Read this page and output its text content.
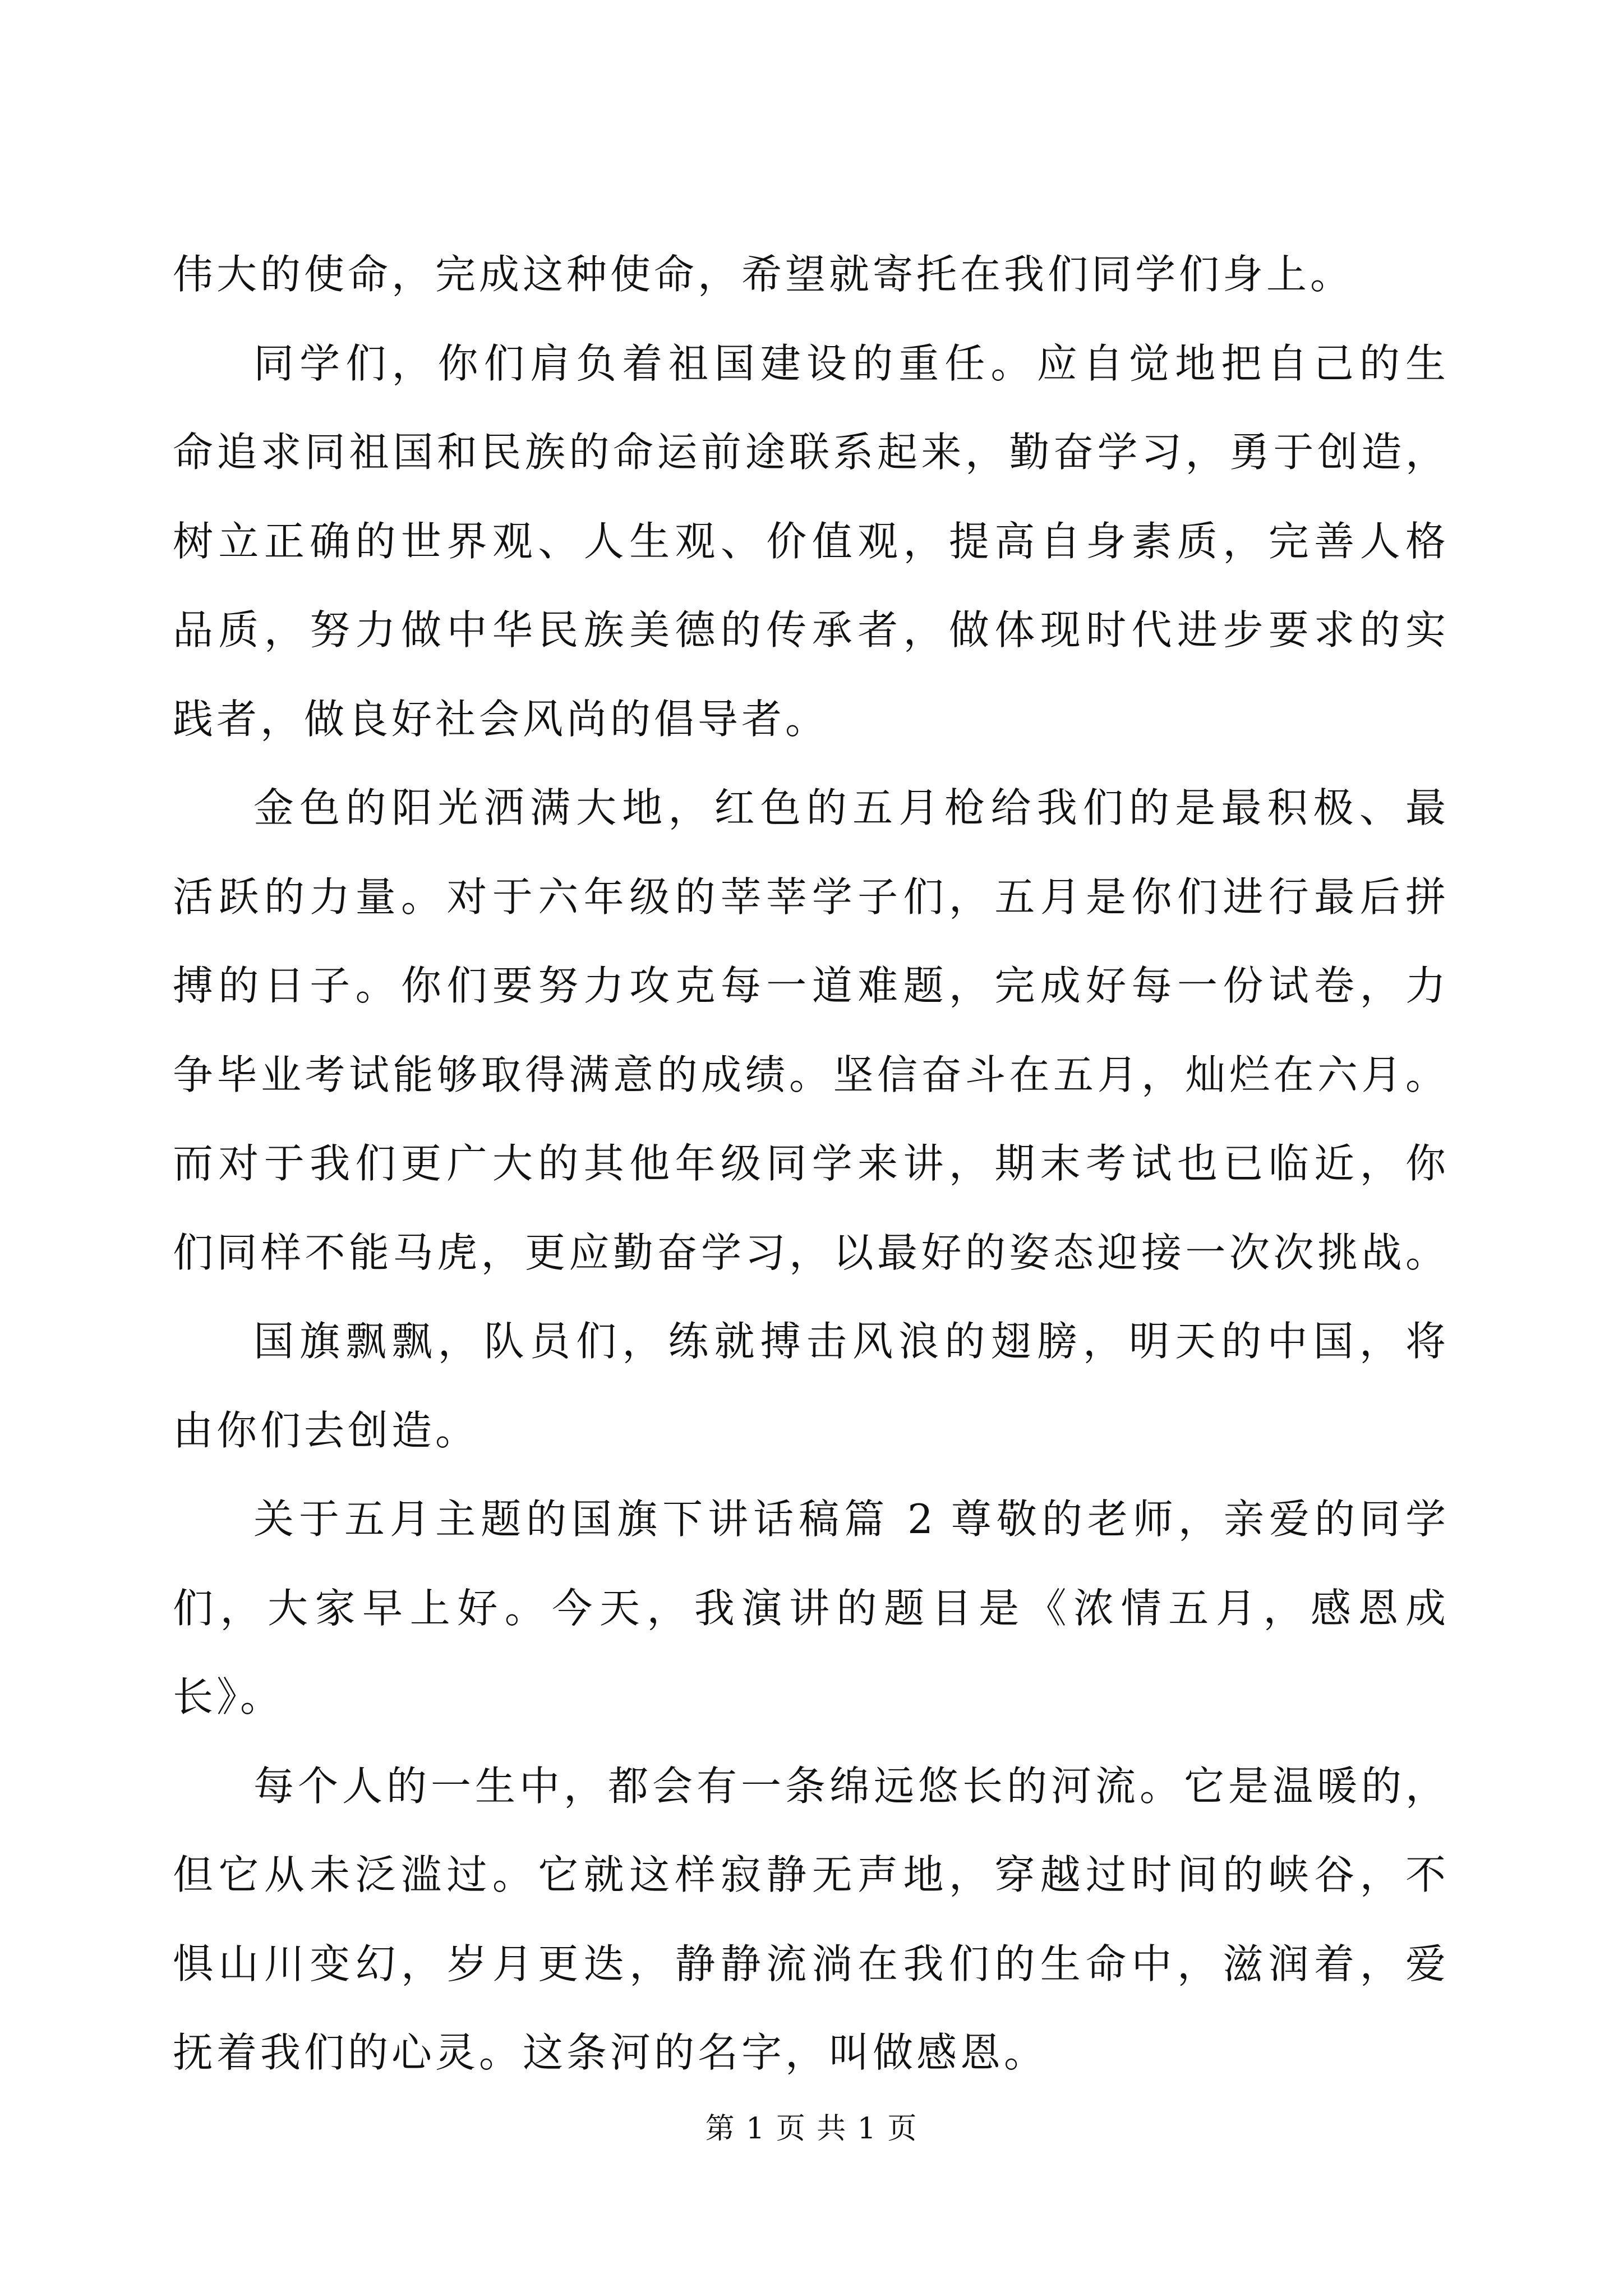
伟大的使命，完成这种使命，希望就寄托在我们同学们身上。
同学们，你们肩负着祖国建设的重任。应自觉地把自己的生
命追求同祖国和民族的命运前途联系起来，勤奋学习，勇于创造，
树立正确的世界观、人生观、价值观，提高自身素质，完善人格
品质，努力做中华民族美德的传承者，做体现时代进步要求的实
践者，做良好社会风尚的倡导者。
金色的阳光洒满大地，红色的五月枪给我们的是最积极、最
活跃的力量。对于六年级的莘莘学子们，五月是你们进行最后拼
搏的日子。你们要努力攻克每一道难题，完成好每一份试卷，力
争毕业考试能够取得满意的成绩。坚信奋斗在五月，灿烂在六月。
而对于我们更广大的其他年级同学来讲，期末考试也已临近，你
们同样不能马虎，更应勤奋学习，以最好的姿态迎接一次次挑战。
国旗飘飘，队员们，练就搏击风浪的翅膀，明天的中国，将
由你们去创造。
关于五月主题的国旗下讲话稿篇 2 尊敬的老师，亲爱的同学
们，大家早上好。今天，我演讲的题目是《浓情五月，感恩成
长》。
每个人的一生中，都会有一条绵远悠长的河流。它是温暖的，
但它从未泛滥过。它就这样寂静无声地，穿越过时间的峡谷，不
惧山川变幻，岁月更迭，静静流淌在我们的生命中，滋润着，爱
抚着我们的心灵。这条河的名字，叫做感恩。
第 1 页 共 1 页
